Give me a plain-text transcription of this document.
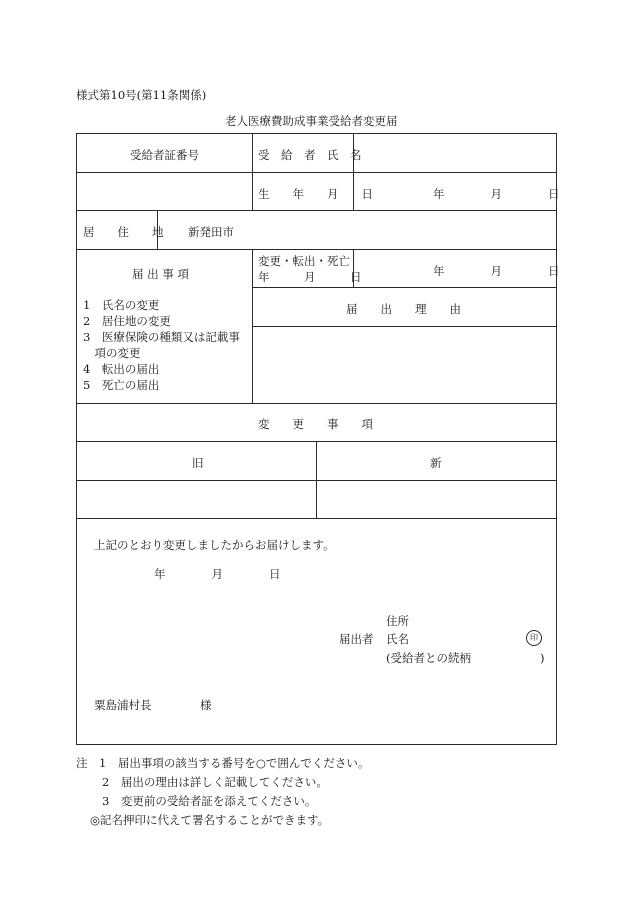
様式第10号(第11条関係)
老人医療費助成事業受給者変更届
受給者証番号	受　給　者　氏　名
生　　年　　月　　日	年　　　　月　　　　日
居　　住　　地 新発田市
届 出 事 項
1　氏名の変更
2　居住地の変更
3　医療保険の種類又は記載事
　項の変更
4　転出の届出
5　死亡の届出
変更・転出・死亡
年　　　月　　　日	年　　　　月　　　　日
届　　出　　理　　由
変　　更　　事　　項
旧	新
上記のとおり変更しましたからお届けします。
年　　　　月　　　　日
住所
届出者 氏名	印
(受給者との続柄　　　　　　)
粟島浦村長	様
注　1　届出事項の該当する番号を○で囲んでください。
2　届出の理由は詳しく記載してください。
3　変更前の受給者証を添えてください。
◎記名押印に代えて署名することができます。
